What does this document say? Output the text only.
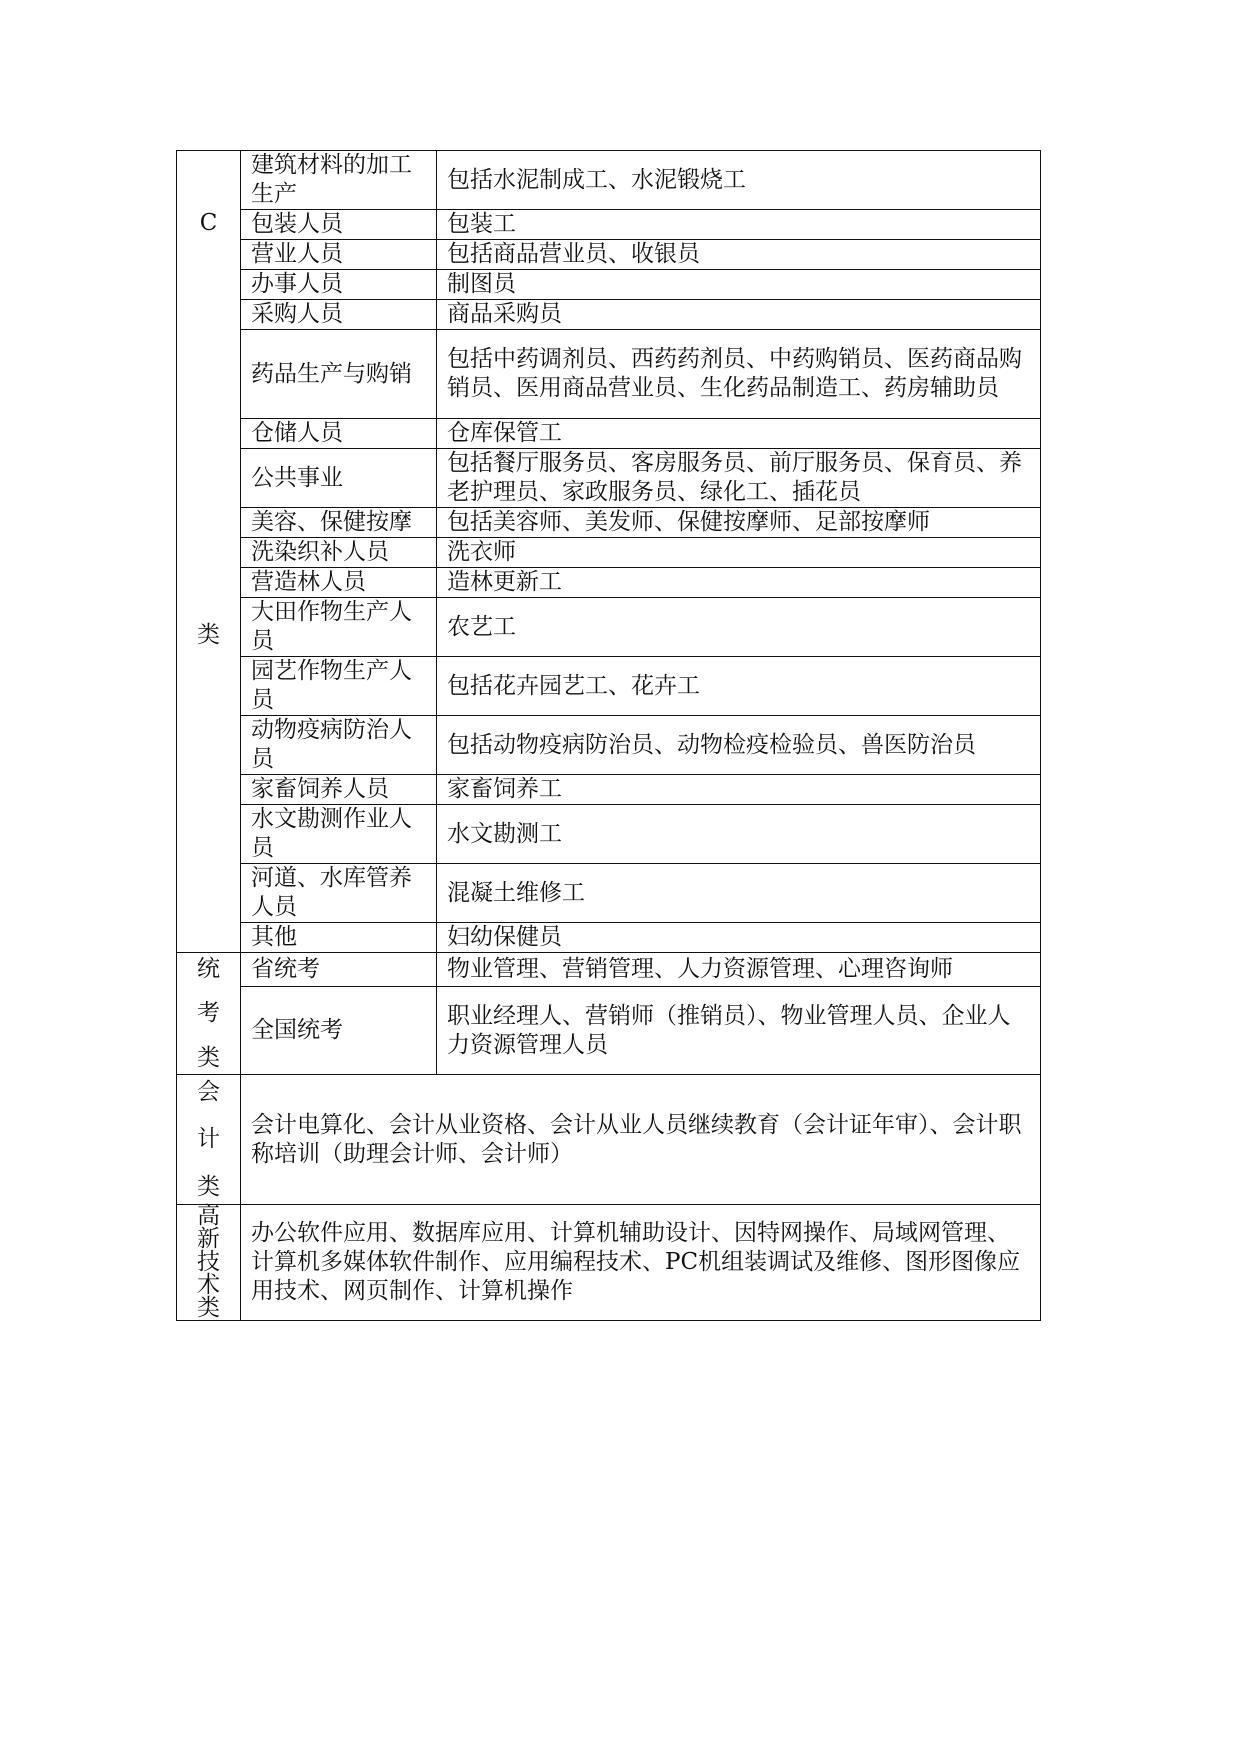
C
类	建筑材料的加工生产	包括水泥制成工、水泥锻烧工
	包装人员	包装工
	营业人员	包括商品营业员、收银员
	办事人员	制图员
	采购人员	商品采购员
	药品生产与购销	包括中药调剂员、西药药剂员、中药购销员、医药商品购销员、医用商品营业员、生化药品制造工、药房辅助员
	仓储人员	仓库保管工
	公共事业	包括餐厅服务员、客房服务员、前厅服务员、保育员、养老护理员、家政服务员、绿化工、插花员
	美容、保健按摩	包括美容师、美发师、保健按摩师、足部按摩师
	洗染织补人员	洗衣师
	营造林人员	造林更新工
	大田作物生产人员	农艺工
	园艺作物生产人员	包括花卉园艺工、花卉工
	动物疫病防治人员	包括动物疫病防治员、动物检疫检验员、兽医防治员
	家畜饲养人员	家畜饲养工
	水文勘测作业人员	水文勘测工
	河道、水库管养人员	混凝土维修工
	其他	妇幼保健员

统
考
类	省统考	物业管理、营销管理、人力资源管理、心理咨询师
	全国统考	职业经理人、营销师（推销员）、物业管理人员、企业人力资源管理人员

会
计
类	会计电算化、会计从业资格、会计从业人员继续教育（会计证年审）、会计职称培训（助理会计师、会计师）	

高
新
技
术
类	办公软件应用、数据库应用、计算机辅助设计、因特网操作、局域网管理、计算机多媒体软件制作、应用编程技术、PC机组装调试及维修、图形图像应用技术、网页制作、计算机操作	
